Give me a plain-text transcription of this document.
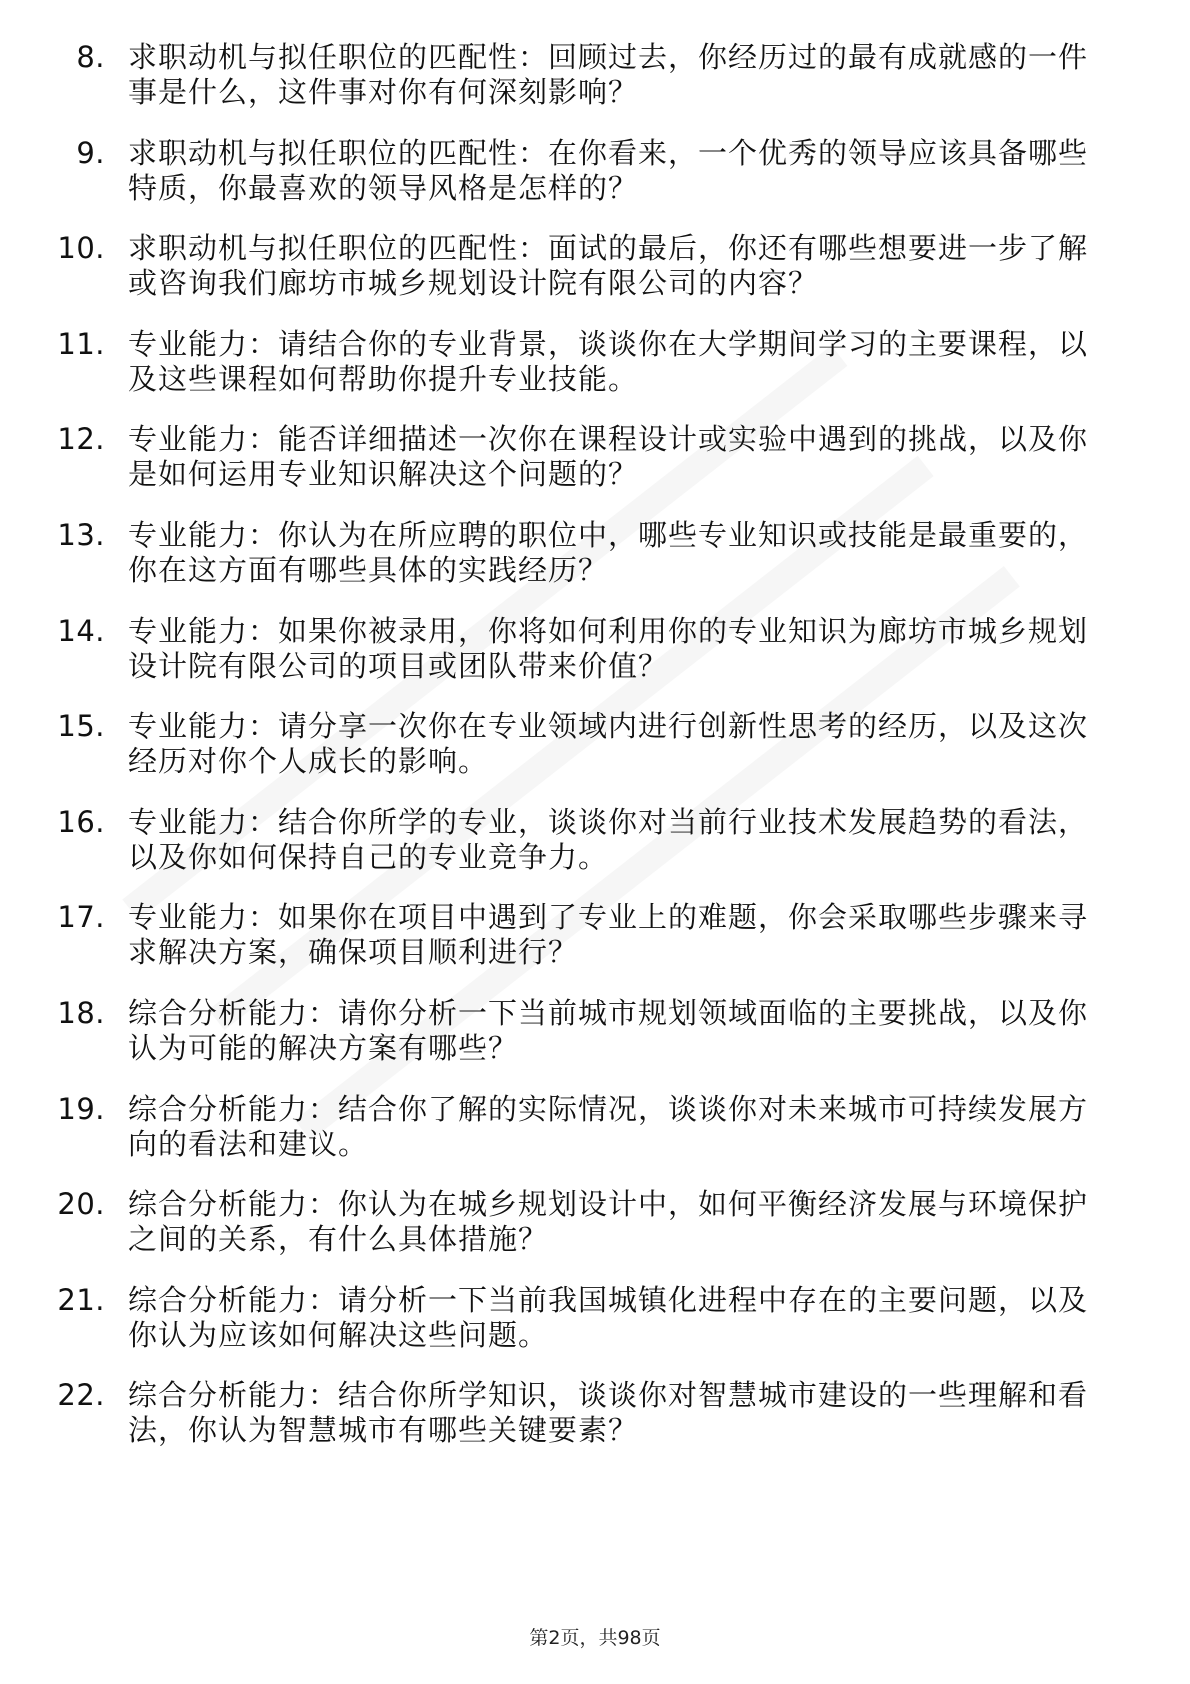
8. 求职动机与拟任职位的匹配性：回顾过去，你经历过的最有成就感的一件事是什么，这件事对你有何深刻影响？

9. 求职动机与拟任职位的匹配性：在你看来，一个优秀的领导应该具备哪些特质，你最喜欢的领导风格是怎样的？

10. 求职动机与拟任职位的匹配性：面试的最后，你还有哪些想要进一步了解或咨询我们廊坊市城乡规划设计院有限公司的内容？

11. 专业能力：请结合你的专业背景，谈谈你在大学期间学习的主要课程，以及这些课程如何帮助你提升专业技能。

12. 专业能力：能否详细描述一次你在课程设计或实验中遇到的挑战，以及你是如何运用专业知识解决这个问题的？

13. 专业能力：你认为在所应聘的职位中，哪些专业知识或技能是最重要的，你在这方面有哪些具体的实践经历？

14. 专业能力：如果你被录用，你将如何利用你的专业知识为廊坊市城乡规划设计院有限公司的项目或团队带来价值？

15. 专业能力：请分享一次你在专业领域内进行创新性思考的经历，以及这次经历对你个人成长的影响。

16. 专业能力：结合你所学的专业，谈谈你对当前行业技术发展趋势的看法，以及你如何保持自己的专业竞争力。

17. 专业能力：如果你在项目中遇到了专业上的难题，你会采取哪些步骤来寻求解决方案，确保项目顺利进行？

18. 综合分析能力：请你分析一下当前城市规划领域面临的主要挑战，以及你认为可能的解决方案有哪些？

19. 综合分析能力：结合你了解的实际情况，谈谈你对未来城市可持续发展方向的看法和建议。

20. 综合分析能力：你认为在城乡规划设计中，如何平衡经济发展与环境保护之间的关系，有什么具体措施？

21. 综合分析能力：请分析一下当前我国城镇化进程中存在的主要问题，以及你认为应该如何解决这些问题。

22. 综合分析能力：结合你所学知识，谈谈你对智慧城市建设的一些理解和看法，你认为智慧城市有哪些关键要素？

第2页，共98页
